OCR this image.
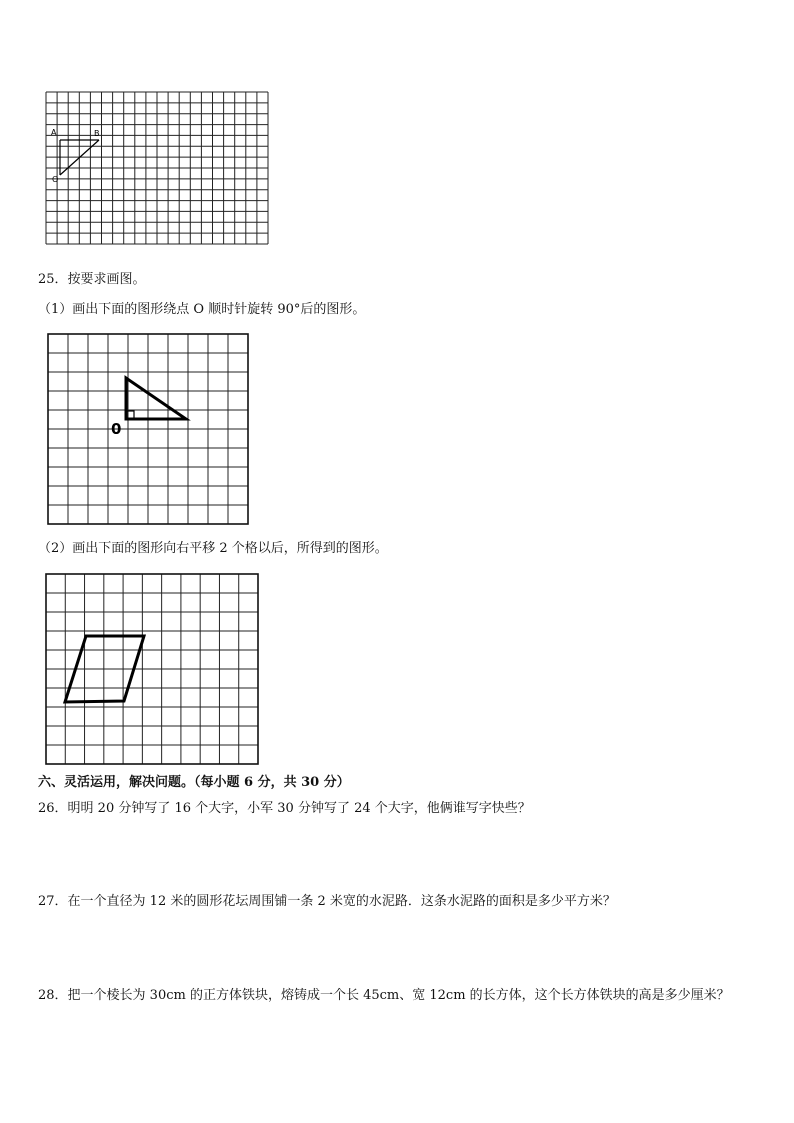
A	B
O
25．按要求画图。
（1）画出下面的图形绕点 O 顺时针旋转 90°后的图形。
0
（2）画出下面的图形向右平移 2 个格以后，所得到的图形。
六、灵活运用，解决问题。（每小题 6 分，共 30 分）
26．明明 20 分钟写了 16 个大字，小军 30 分钟写了 24 个大字，他俩谁写字快些？
27．在一个直径为 12 米的圆形花坛周围铺一条 2 米宽的水泥路．这条水泥路的面积是多少平方米？
28．把一个棱长为 30cm 的正方体铁块，熔铸成一个长 45cm、宽 12cm 的长方体，这个长方体铁块的高是多少厘米？
